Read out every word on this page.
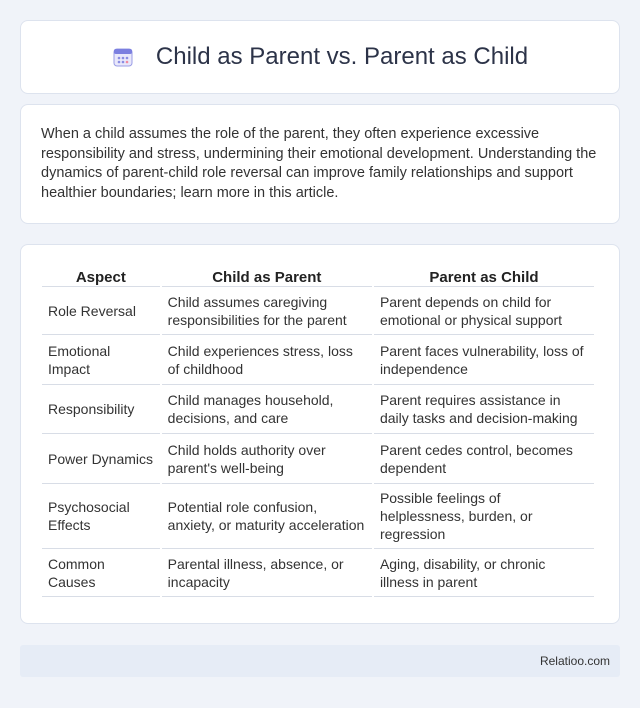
Child as Parent vs. Parent as Child

When a child assumes the role of the parent, they often experience excessive responsibility and stress, undermining their emotional development. Understanding the dynamics of parent-child role reversal can improve family relationships and support healthier boundaries; learn more in this article.

Aspect	Child as Parent	Parent as Child
Role Reversal	Child assumes caregiving responsibilities for the parent	Parent depends on child for emotional or physical support
Emotional Impact	Child experiences stress, loss of childhood	Parent faces vulnerability, loss of independence
Responsibility	Child manages household, decisions, and care	Parent requires assistance in daily tasks and decision-making
Power Dynamics	Child holds authority over parent's well-being	Parent cedes control, becomes dependent
Psychosocial Effects	Potential role confusion, anxiety, or maturity acceleration	Possible feelings of helplessness, burden, or regression
Common Causes	Parental illness, absence, or incapacity	Aging, disability, or chronic illness in parent
Relatioo.com
